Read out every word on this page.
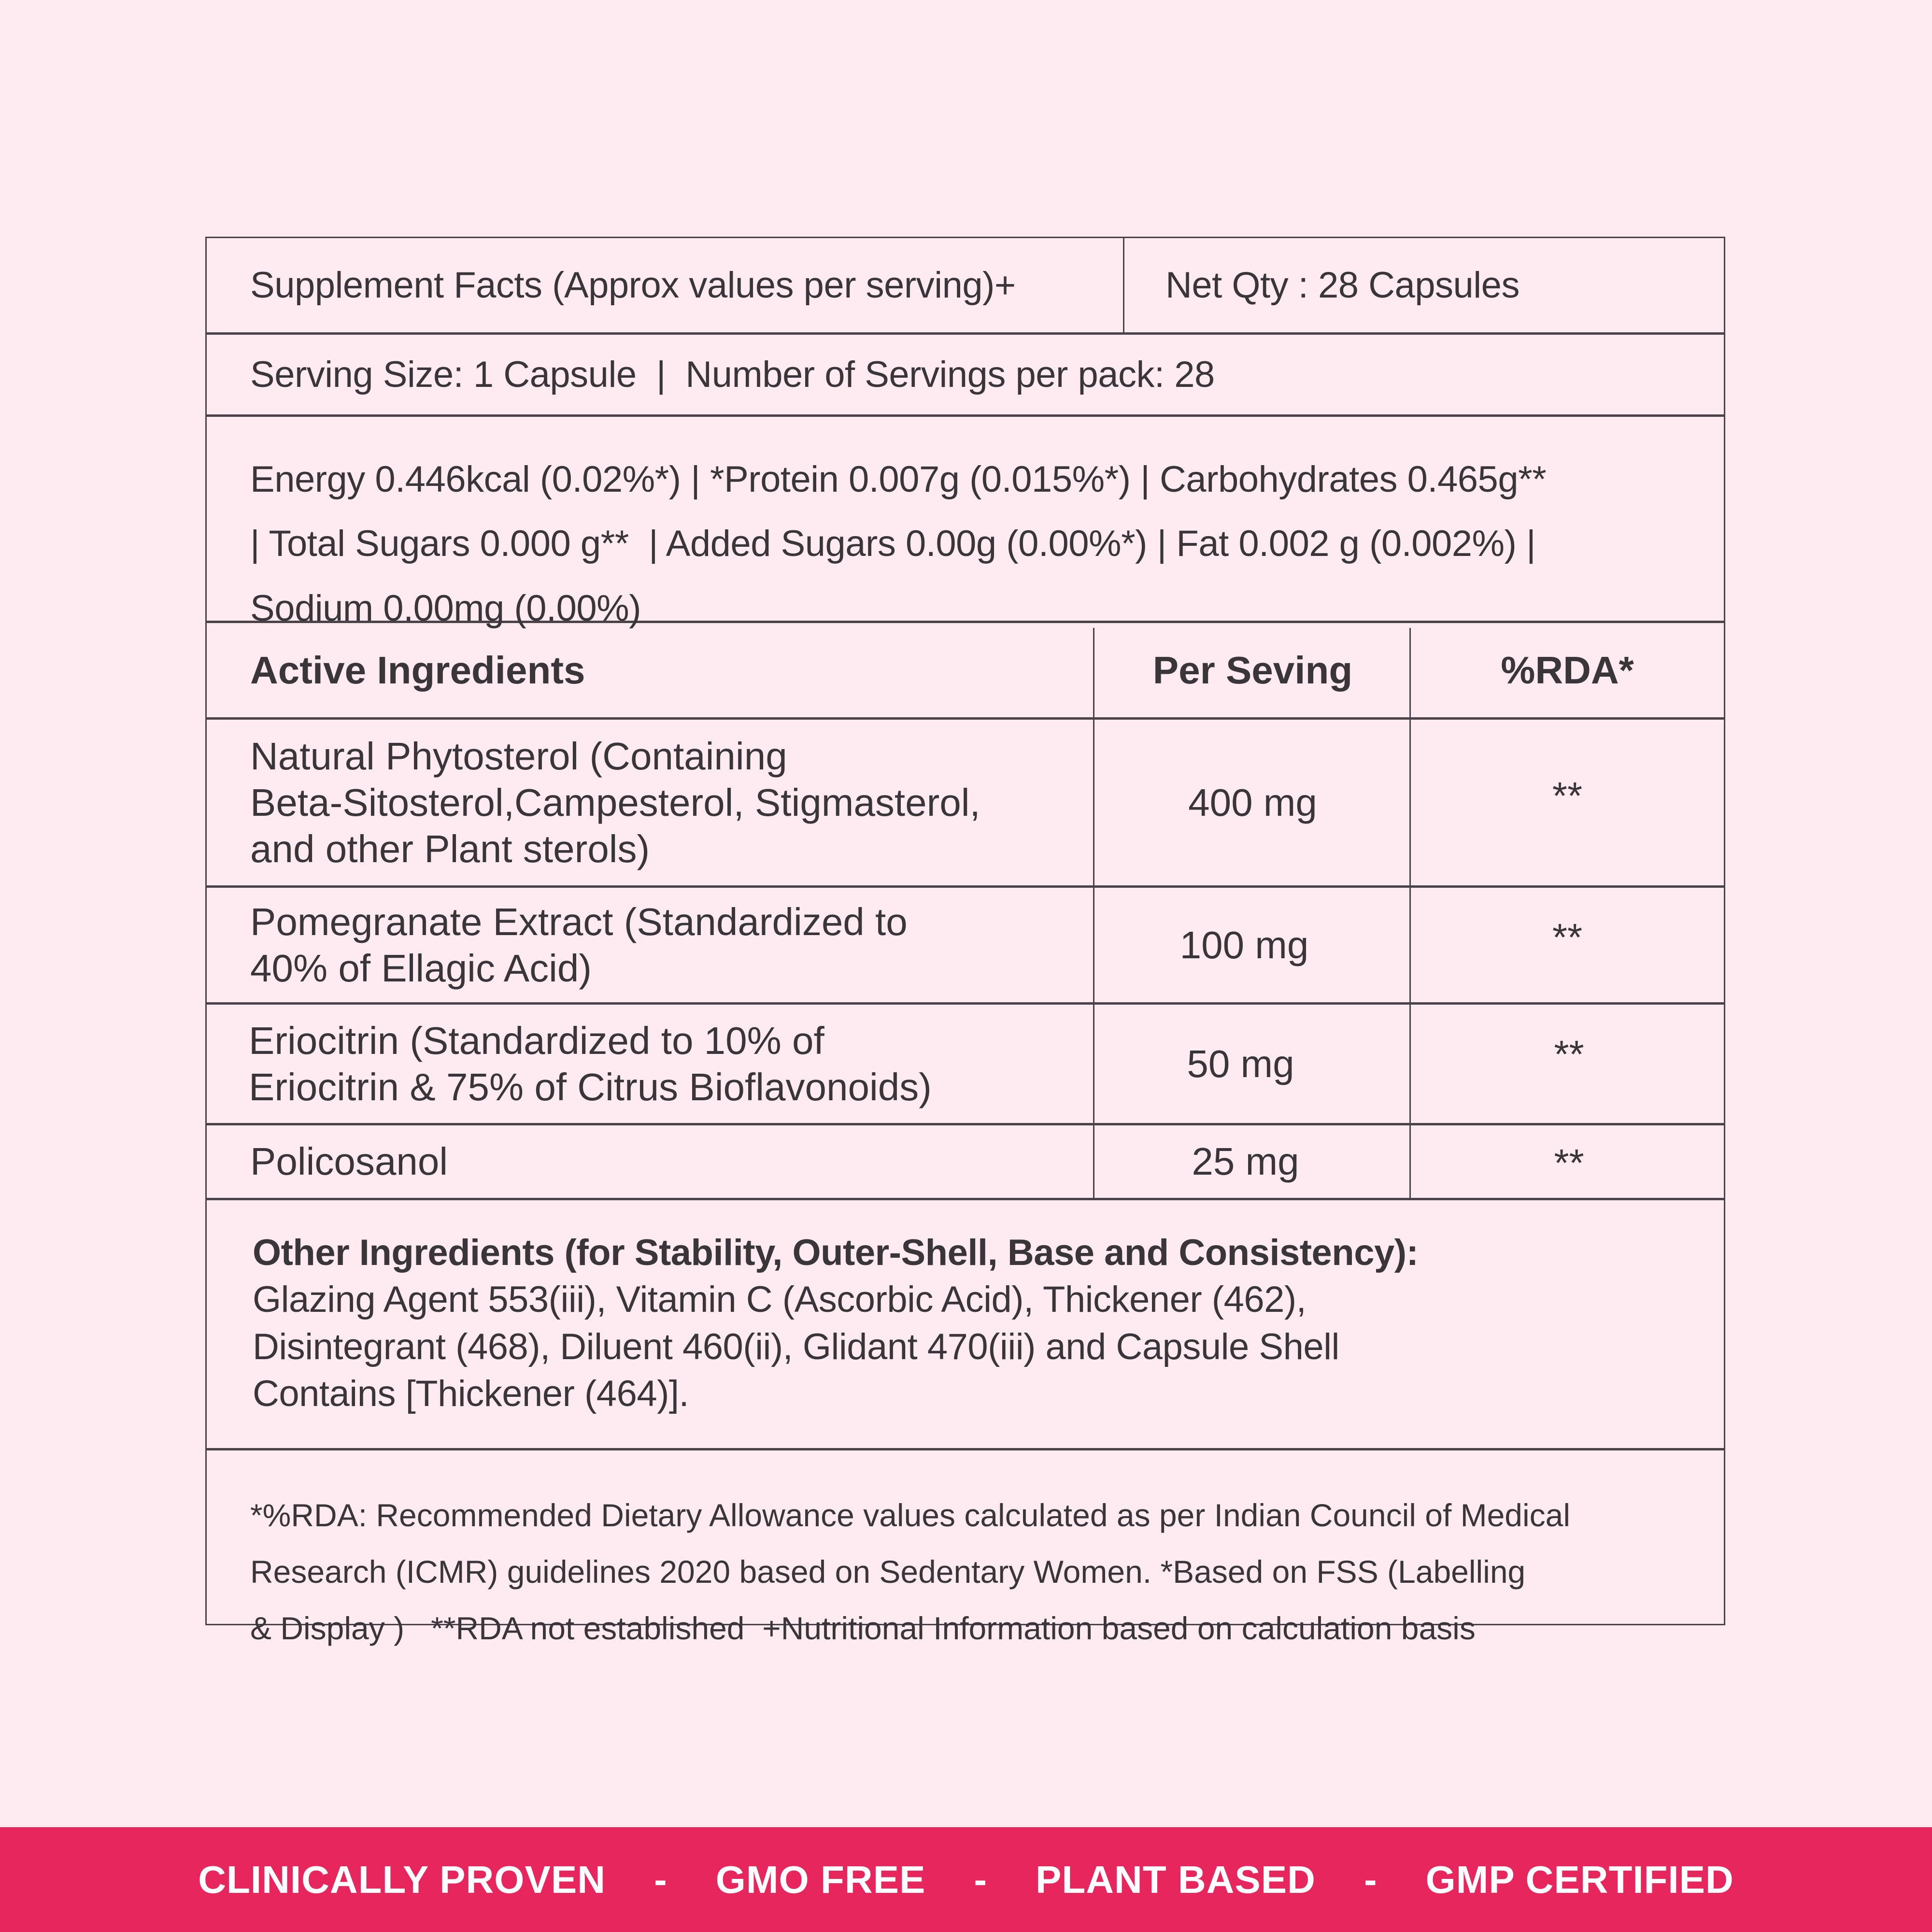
Supplement Facts (Approx values per serving)+	Net Qty : 28 Capsules
Serving Size: 1 Capsule  |  Number of Servings per pack: 28

Energy 0.446kcal (0.02%*) | *Protein 0.007g (0.015%*) | Carbohydrates 0.465g**

| Total Sugars 0.000 g**  | Added Sugars 0.00g (0.00%*) | Fat 0.002 g (0.002%) |

Sodium 0.00mg (0.00%)

Active Ingredients	Per Seving	%RDA*
Natural Phytosterol (Containing
Beta-Sitosterol,Campesterol, Stigmasterol,
and other Plant sterols)
400 mg	**
Pomegranate Extract (Standardized to
40% of Ellagic Acid)
100 mg	**
Eriocitrin (Standardized to 10% of
Eriocitrin & 75% of Citrus Bioflavonoids)
50 mg	**
Policosanol	25 mg	**
Other Ingredients (for Stability, Outer-Shell, Base and Consistency):
Glazing Agent 553(iii), Vitamin C (Ascorbic Acid), Thickener (462),
Disintegrant (468), Diluent 460(ii), Glidant 470(iii) and Capsule Shell
Contains [Thickener (464)].

*%RDA: Recommended Dietary Allowance values calculated as per Indian Council of Medical

Research (ICMR) guidelines 2020 based on Sedentary Women. *Based on FSS (Labelling

& Display )   **RDA not established  +Nutritional Information based on calculation basis

CLINICALLY PROVEN - GMO FREE - PLANT BASED - GMP CERTIFIED
